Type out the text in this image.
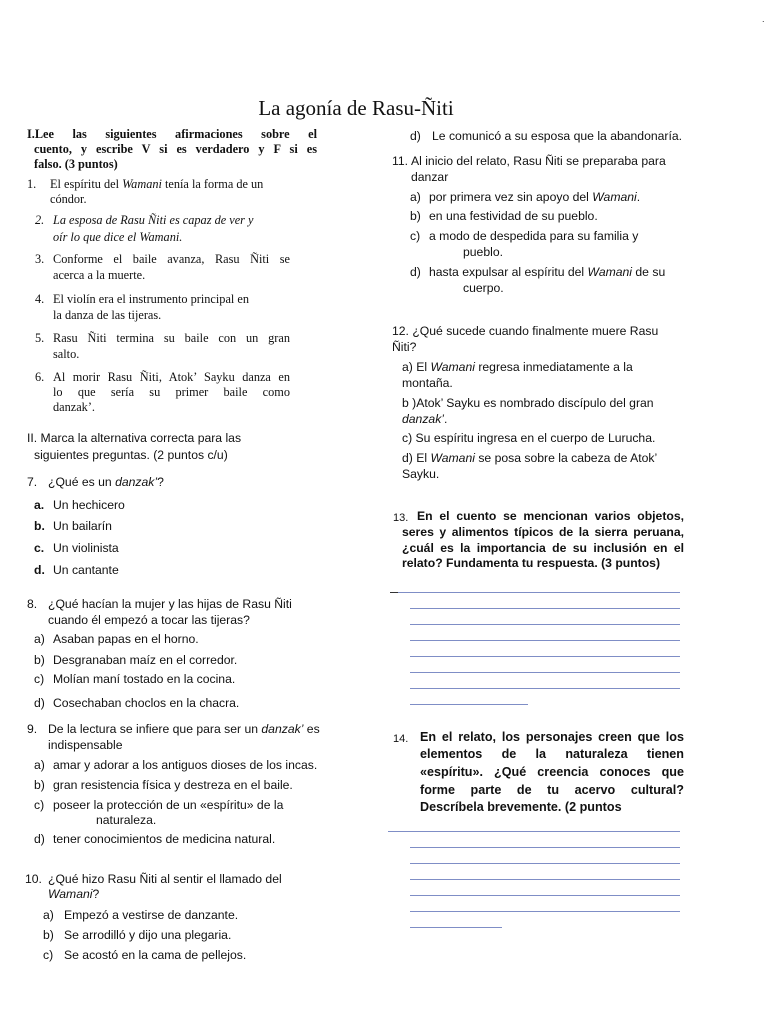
˙
La agonía de Rasu-Ñiti

I.Lee las siguientes afirmaciones sobre el

cuento, y escribe V si es verdadero y F si es

falso. (3 puntos)

1. El espíritu del Wamani tenía la forma de un

cóndor.

2. La esposa de Rasu Ñiti es capaz de ver y

oír lo que dice el Wamani.

3. Conforme el baile avanza, Rasu Ñiti se

acerca a la muerte.

4. El violín era el instrumento principal en

la danza de las tijeras.

5. Rasu Ñiti termina su baile con un gran

salto.

6. Al morir Rasu Ñiti, Atok’ Sayku danza en

lo que sería su primer baile como

danzak’.

II. Marca la alternativa correcta para las

siguientes preguntas. (2 puntos c/u)

7. ¿Qué es un danzak’?

a. Un hechicero
b. Un bailarín
c. Un violinista
d. Un cantante
8. ¿Qué hacían la mujer y las hijas de Rasu Ñiti

cuando él empezó a tocar las tijeras?

a) Asaban papas en el horno.
b) Desgranaban maíz en el corredor.
c) Molían maní tostado en la cocina.
d) Cosechaban choclos en la chacra.
9. De la lectura se infiere que para ser un danzak’ es

indispensable

a) amar y adorar a los antiguos dioses de los incas.
b) gran resistencia física y destreza en el baile.
c) poseer la protección de un «espíritu» de la
naturaleza.
d) tener conocimientos de medicina natural.
10. ¿Qué hizo Rasu Ñiti al sentir el llamado del

Wamani?

a) Empezó a vestirse de danzante.
b) Se arrodilló y dijo una plegaria.
c) Se acostó en la cama de pellejos.
d) Le comunicó a su esposa que la abandonaría.
11. Al inicio del relato, Rasu Ñiti se preparaba para

danzar

a) por primera vez sin apoyo del Wamani.
b) en una festividad de su pueblo.
c) a modo de despedida para su familia y
pueblo.
d) hasta expulsar al espíritu del Wamani de su
cuerpo.

12. ¿Qué sucede cuando finalmente muere Rasu

Ñiti?

a) El Wamani regresa inmediatamente a la

montaña.

b )Atok’ Sayku es nombrado discípulo del gran

danzak’.

c) Su espíritu ingresa en el cuerpo de Lurucha.

d) El Wamani se posa sobre la cabeza de Atok’

Sayku.

13. En el cuento se mencionan varios objetos,

seres y alimentos típicos de la sierra peruana,

¿cuál es la importancia de su inclusión en el

relato? Fundamenta tu respuesta. (3 puntos)

14. En el relato, los personajes creen que los

elementos de la naturaleza tienen

«espíritu». ¿Qué creencia conoces que

forme parte de tu acervo cultural?

Descríbela brevemente. (2 puntos
